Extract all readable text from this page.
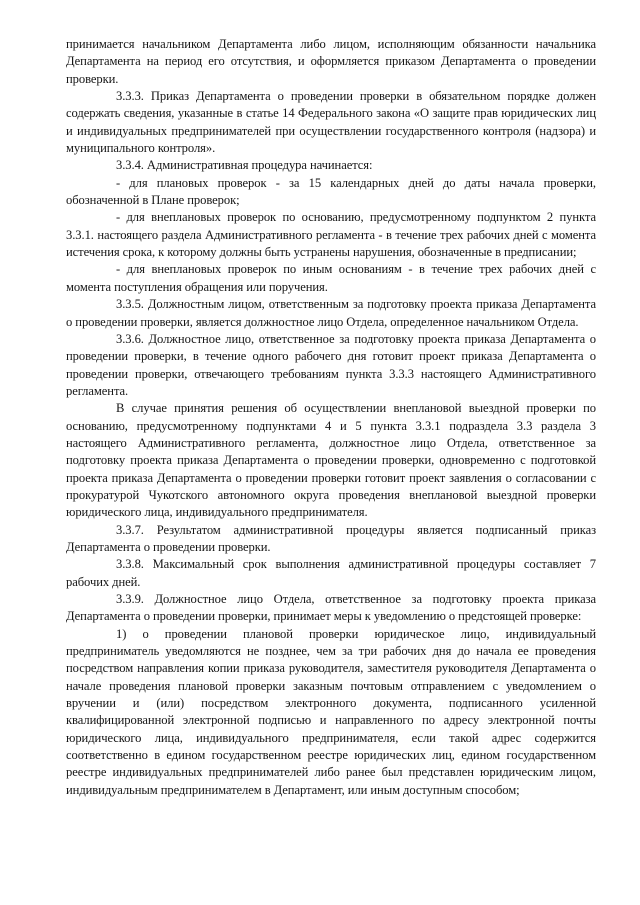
принимается начальником Департамента либо лицом, исполняющим обязанности начальника Департамента на период его отсутствия, и оформляется приказом Департамента о проведении проверки.

3.3.3. Приказ Департамента о проведении проверки в обязательном порядке должен содержать сведения, указанные в статье 14 Федерального закона «О защите прав юридических лиц и индивидуальных предпринимателей при осуществлении государственного контроля (надзора) и муниципального контроля».

3.3.4. Административная процедура начинается:

- для плановых проверок - за 15 календарных дней до даты начала проверки, обозначенной в Плане проверок;

- для внеплановых проверок по основанию, предусмотренному подпунктом 2 пункта 3.3.1. настоящего раздела Административного регламента - в течение трех рабочих дней с момента истечения срока, к которому должны быть устранены нарушения, обозначенные в предписании;

- для внеплановых проверок по иным основаниям - в течение трех рабочих дней с момента поступления обращения или поручения.

3.3.5. Должностным лицом, ответственным за подготовку проекта приказа Департамента о проведении проверки, является должностное лицо Отдела, определенное начальником Отдела.

3.3.6. Должностное лицо, ответственное за подготовку проекта приказа Департамента о проведении проверки, в течение одного рабочего дня готовит проект приказа Департамента о проведении проверки, отвечающего требованиям пункта 3.3.3 настоящего Административного регламента.

В случае принятия решения об осуществлении внеплановой выездной проверки по основанию, предусмотренному подпунктами 4 и 5 пункта 3.3.1 подраздела 3.3 раздела 3 настоящего Административного регламента, должностное лицо Отдела, ответственное за подготовку проекта приказа Департамента о проведении проверки, одновременно с подготовкой проекта приказа Департамента о проведении проверки готовит проект заявления о согласовании с прокуратурой Чукотского автономного округа проведения внеплановой выездной проверки юридического лица, индивидуального предпринимателя.

3.3.7. Результатом административной процедуры является подписанный приказ Департамента о проведении проверки.

3.3.8. Максимальный срок выполнения административной процедуры составляет 7 рабочих дней.

3.3.9. Должностное лицо Отдела, ответственное за подготовку проекта приказа Департамента о проведении проверки, принимает меры к уведомлению о предстоящей проверке:

1) о проведении плановой проверки юридическое лицо, индивидуальный предприниматель уведомляются не позднее, чем за три рабочих дня до начала ее проведения посредством направления копии приказа руководителя, заместителя руководителя Департамента о начале проведения плановой проверки заказным почтовым отправлением с уведомлением о вручении и (или) посредством электронного документа, подписанного усиленной квалифицированной электронной подписью и направленного по адресу электронной почты юридического лица, индивидуального предпринимателя, если такой адрес содержится соответственно в едином государственном реестре юридических лиц, едином государственном реестре индивидуальных предпринимателей либо ранее был представлен юридическим лицом, индивидуальным предпринимателем в Департамент, или иным доступным способом;
